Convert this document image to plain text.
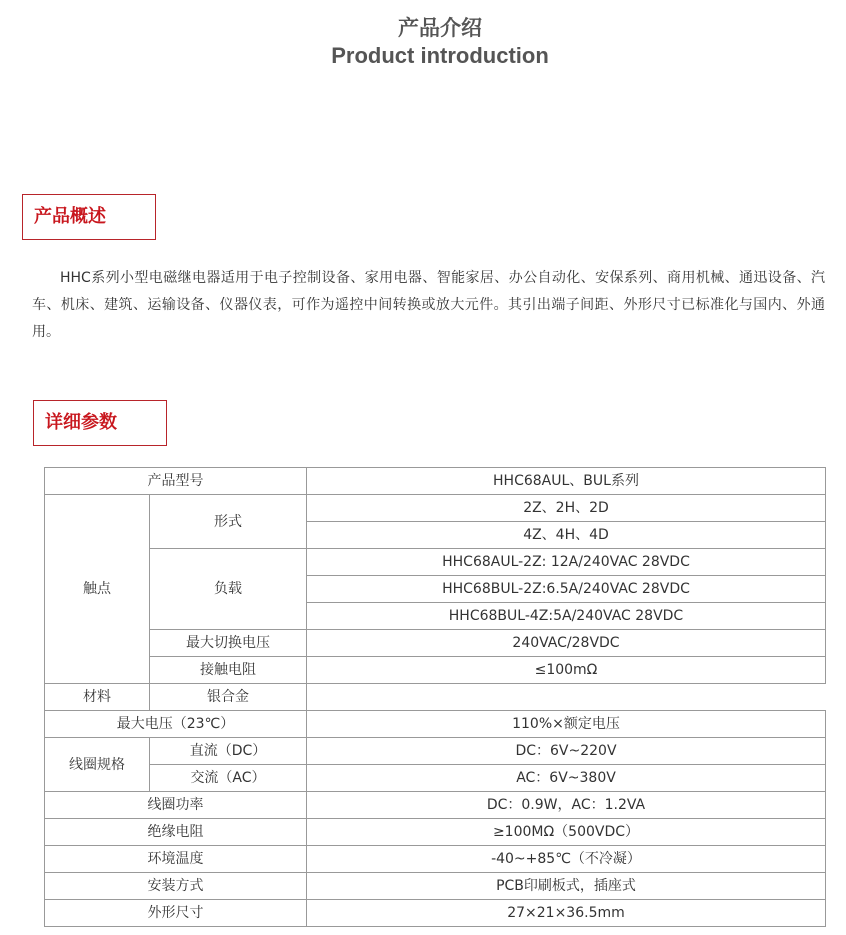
产品介绍
Product introduction
产品概述

HHC系列小型电磁继电器适用于电子控制设备、家用电器、智能家居、办公自动化、安保系列、商用机械、通迅设备、汽车、机床、建筑、运输设备、仪器仪表，可作为遥控中间转换或放大元件。其引出端子间距、外形尺寸已标准化与国内、外通用。

详细参数
产品型号		HHC68AUL、BUL系列
触点	形式	2Z、2H、2D
		4Z、4H、4D
	负载	HHC68AUL-2Z: 12A/240VAC 28VDC
		HHC68BUL-2Z:6.5A/240VAC 28VDC
		HHC68BUL-4Z:5A/240VAC 28VDC
	最大切换电压	240VAC/28VDC
	接触电阻	≤100mΩ
材料	银合金	
最大电压（23℃）		110%×额定电压
线圈规格	直流（DC）	DC：6V~220V
	交流（AC）	AC：6V~380V
线圈功率		DC：0.9W，AC：1.2VA
绝缘电阻		≥100MΩ（500VDC）
环境温度		-40~+85℃（不冷凝）
安装方式		PCB印刷板式，插座式
外形尺寸		27×21×36.5mm
